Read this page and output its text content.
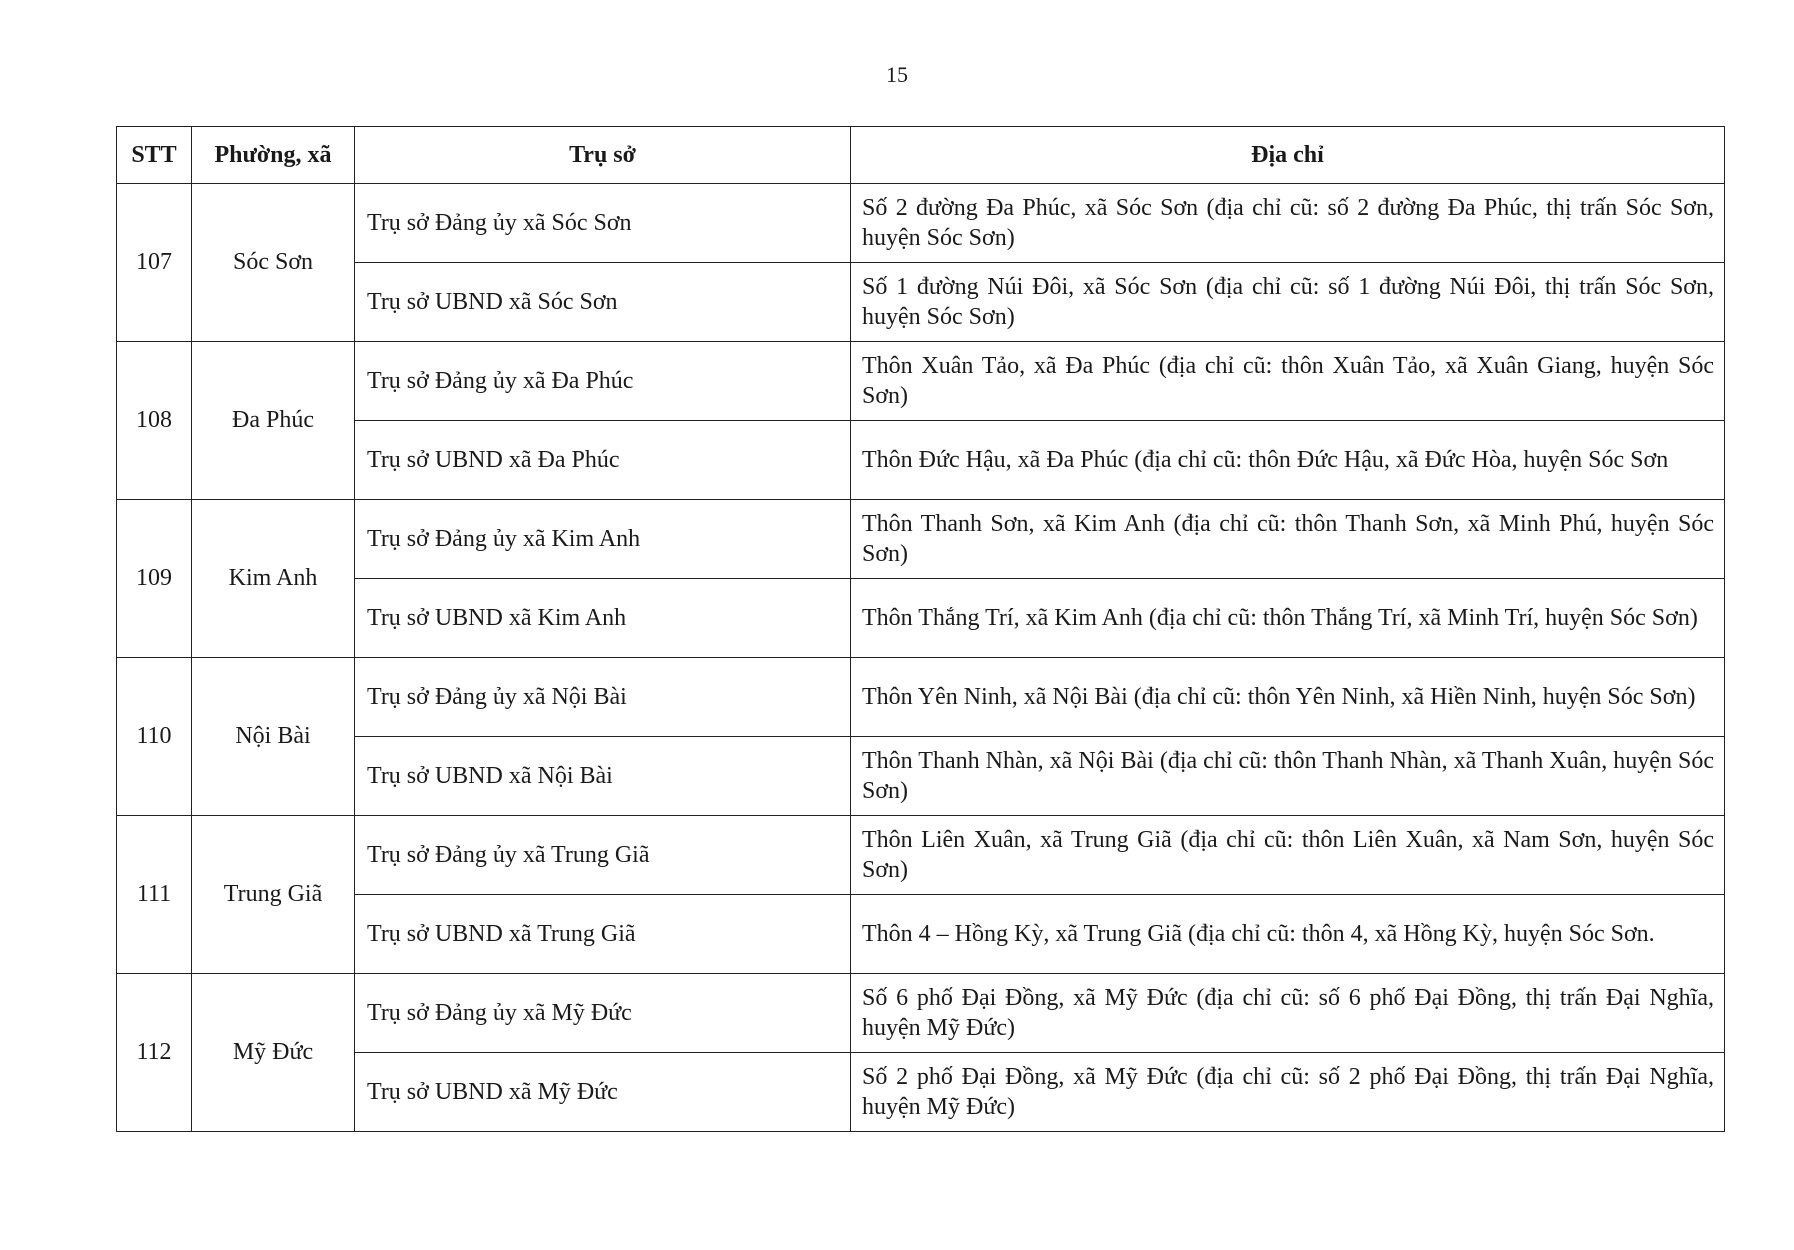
15
STT	Phường, xã	Trụ sở	Địa chỉ
107	Sóc Sơn	Trụ sở Đảng ủy xã Sóc Sơn	Số 2 đường Đa Phúc, xã Sóc Sơn (địa chỉ cũ: số 2 đường Đa Phúc, thị trấn Sóc Sơn, huyện Sóc Sơn)
		Trụ sở UBND xã Sóc Sơn	Số 1 đường Núi Đôi, xã Sóc Sơn (địa chỉ cũ: số 1 đường Núi Đôi, thị trấn Sóc Sơn, huyện Sóc Sơn)
108	Đa Phúc	Trụ sở Đảng ủy xã Đa Phúc	Thôn Xuân Tảo, xã Đa Phúc (địa chỉ cũ: thôn Xuân Tảo, xã Xuân Giang, huyện Sóc Sơn)
		Trụ sở UBND xã Đa Phúc	Thôn Đức Hậu, xã Đa Phúc (địa chỉ cũ: thôn Đức Hậu, xã Đức Hòa, huyện Sóc Sơn
109	Kim Anh	Trụ sở Đảng ủy xã Kim Anh	Thôn Thanh Sơn, xã Kim Anh (địa chỉ cũ: thôn Thanh Sơn, xã Minh Phú, huyện Sóc Sơn)
		Trụ sở UBND xã Kim Anh	Thôn Thắng Trí, xã Kim Anh (địa chỉ cũ: thôn Thắng Trí, xã Minh Trí, huyện Sóc Sơn)
110	Nội Bài	Trụ sở Đảng ủy xã Nội Bài	Thôn Yên Ninh, xã Nội Bài (địa chỉ cũ: thôn Yên Ninh, xã Hiền Ninh, huyện Sóc Sơn)
		Trụ sở UBND xã Nội Bài	Thôn Thanh Nhàn, xã Nội Bài (địa chỉ cũ: thôn Thanh Nhàn, xã Thanh Xuân, huyện Sóc Sơn)
111	Trung Giã	Trụ sở Đảng ủy xã Trung Giã	Thôn Liên Xuân, xã Trung Giã (địa chỉ cũ: thôn Liên Xuân, xã Nam Sơn, huyện Sóc Sơn)
		Trụ sở UBND xã Trung Giã	Thôn 4 – Hồng Kỳ, xã Trung Giã (địa chỉ cũ: thôn 4, xã Hồng Kỳ, huyện Sóc Sơn.
112	Mỹ Đức	Trụ sở Đảng ủy xã Mỹ Đức	Số 6 phố Đại Đồng, xã Mỹ Đức (địa chỉ cũ: số 6 phố Đại Đồng, thị trấn Đại Nghĩa, huyện Mỹ Đức)
		Trụ sở UBND xã Mỹ Đức	Số 2 phố Đại Đồng, xã Mỹ Đức (địa chỉ cũ: số 2 phố Đại Đồng, thị trấn Đại Nghĩa, huyện Mỹ Đức)
